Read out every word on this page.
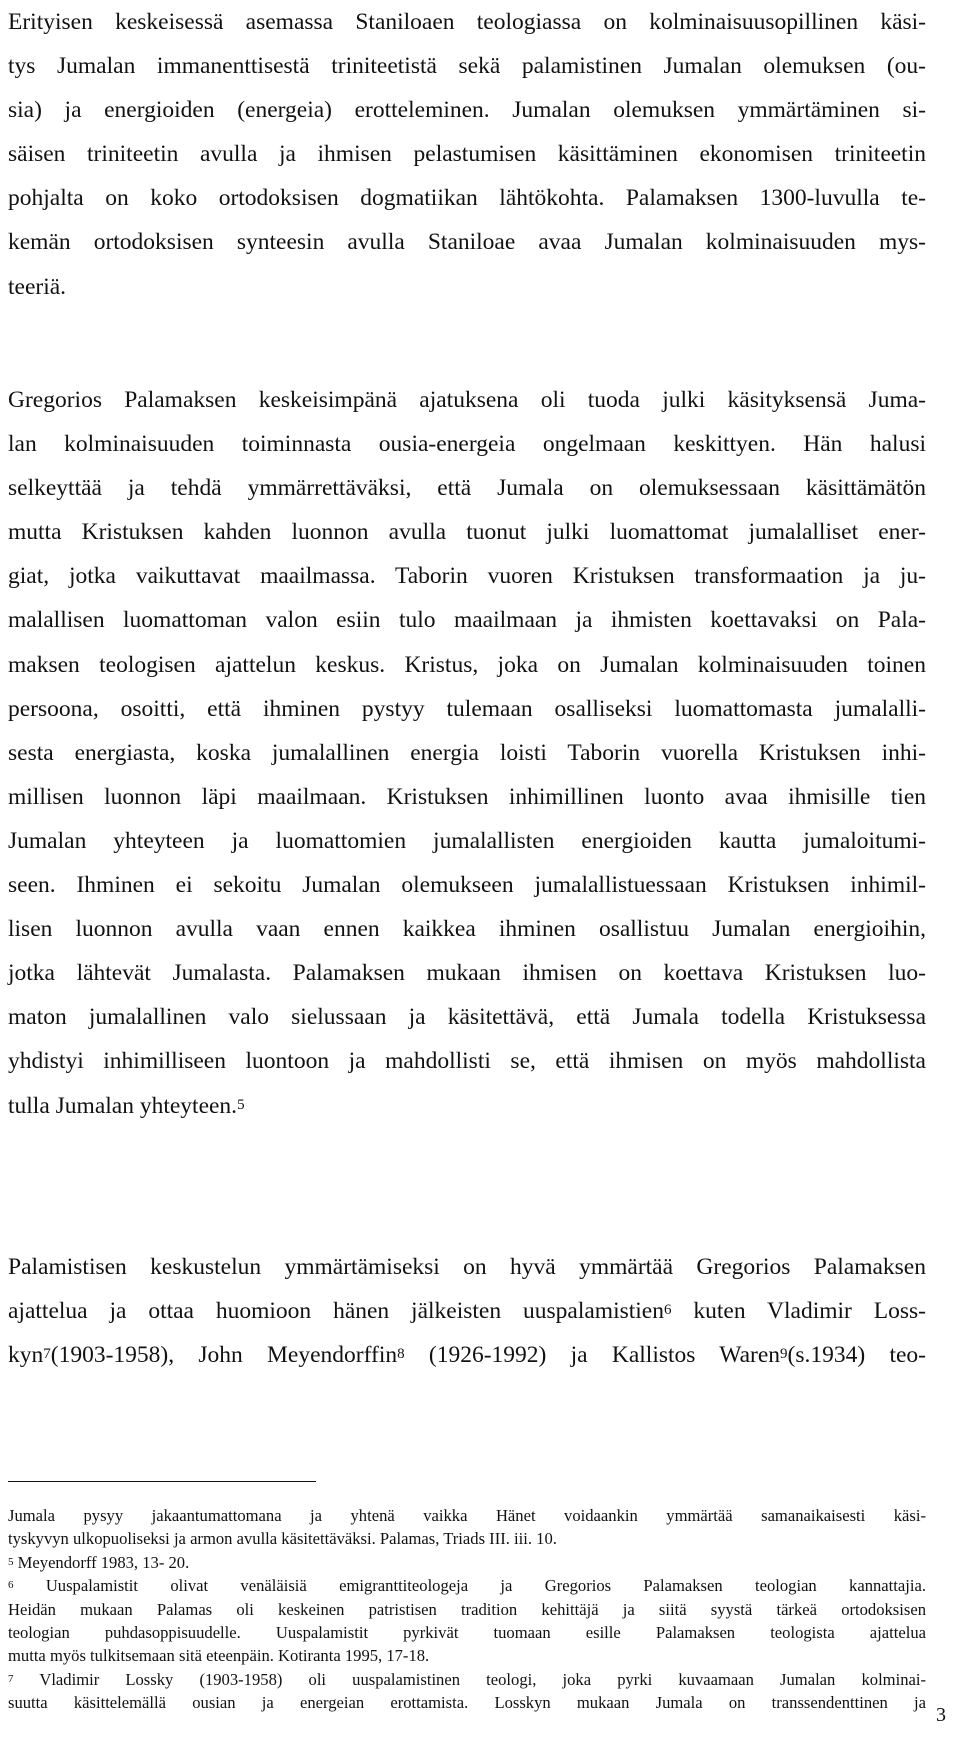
Erityisen keskeisessä asemassa Staniloaen teologiassa on kolminaisuusopillinen käsi-
tys Jumalan immanenttisestä triniteetistä sekä palamistinen Jumalan olemuksen (ou-
sia) ja energioiden (energeia) erotteleminen. Jumalan olemuksen ymmärtäminen si-
säisen triniteetin avulla ja ihmisen pelastumisen käsittäminen ekonomisen triniteetin
pohjalta on koko ortodoksisen dogmatiikan lähtökohta. Palamaksen 1300-luvulla te-
kemän ortodoksisen synteesin avulla Staniloae avaa Jumalan kolminaisuuden mys-
teeriä.
Gregorios Palamaksen keskeisimpänä ajatuksena oli tuoda julki käsityksensä Juma-
lan kolminaisuuden toiminnasta ousia-energeia ongelmaan keskittyen. Hän halusi
selkeyttää ja tehdä ymmärrettäväksi, että Jumala on olemuksessaan käsittämätön
mutta Kristuksen kahden luonnon avulla tuonut julki luomattomat jumalalliset ener-
giat, jotka vaikuttavat maailmassa. Taborin vuoren Kristuksen transformaation ja ju-
malallisen luomattoman valon esiin tulo maailmaan ja ihmisten koettavaksi on Pala-
maksen teologisen ajattelun keskus. Kristus, joka on Jumalan kolminaisuuden toinen
persoona, osoitti, että ihminen pystyy tulemaan osalliseksi luomattomasta jumalalli-
sesta energiasta, koska jumalallinen energia loisti Taborin vuorella Kristuksen inhi-
millisen luonnon läpi maailmaan. Kristuksen inhimillinen luonto avaa ihmisille tien
Jumalan yhteyteen ja luomattomien jumalallisten energioiden kautta jumaloitumi-
seen. Ihminen ei sekoitu Jumalan olemukseen jumalallistuessaan Kristuksen inhimil-
lisen luonnon avulla vaan ennen kaikkea ihminen osallistuu Jumalan energioihin,
jotka lähtevät Jumalasta. Palamaksen mukaan ihmisen on koettava Kristuksen luo-
maton jumalallinen valo sielussaan ja käsitettävä, että Jumala todella Kristuksessa
yhdistyi inhimilliseen luontoon ja mahdollisti se, että ihmisen on myös mahdollista
tulla Jumalan yhteyteen.$^5$
Palamistisen keskustelun ymmärtämiseksi on hyvä ymmärtää Gregorios Palamaksen
ajattelua ja ottaa huomioon hänen jälkeisten uuspalamistien$^6$ kuten Vladimir Loss-
kyn$^7$(1903-1958), John Meyendorffin$^8$ (1926-1992) ja Kallistos Waren$^9$(s.1934) teo-
Jumala pysyy jakaantumattomana ja yhtenä vaikka Hänet voidaankin ymmärtää samanaikaisesti käsi-
tyskyvyn ulkopuoliseksi ja armon avulla käsitettäväksi. Palamas, Triads III. iii. 10.
$^5$ Meyendorff 1983, 13- 20.
$^6$ Uuspalamistit olivat venäläisiä emigranttiteologeja ja Gregorios Palamaksen teologian kannattajia.
Heidän mukaan Palamas oli keskeinen patristisen tradition kehittäjä ja siitä syystä tärkeä ortodoksisen
teologian puhdasoppisuudelle. Uuspalamistit pyrkivät tuomaan esille Palamaksen teologista ajattelua
mutta myös tulkitsemaan sitä eteenpäin. Kotiranta 1995, 17-18.
$^7$ Vladimir Lossky (1903-1958) oli uuspalamistinen teologi, joka pyrki kuvaamaan Jumalan kolminai-
suutta käsittelemällä ousian ja energeian erottamista. Losskyn mukaan Jumala on transsendenttinen ja
3
